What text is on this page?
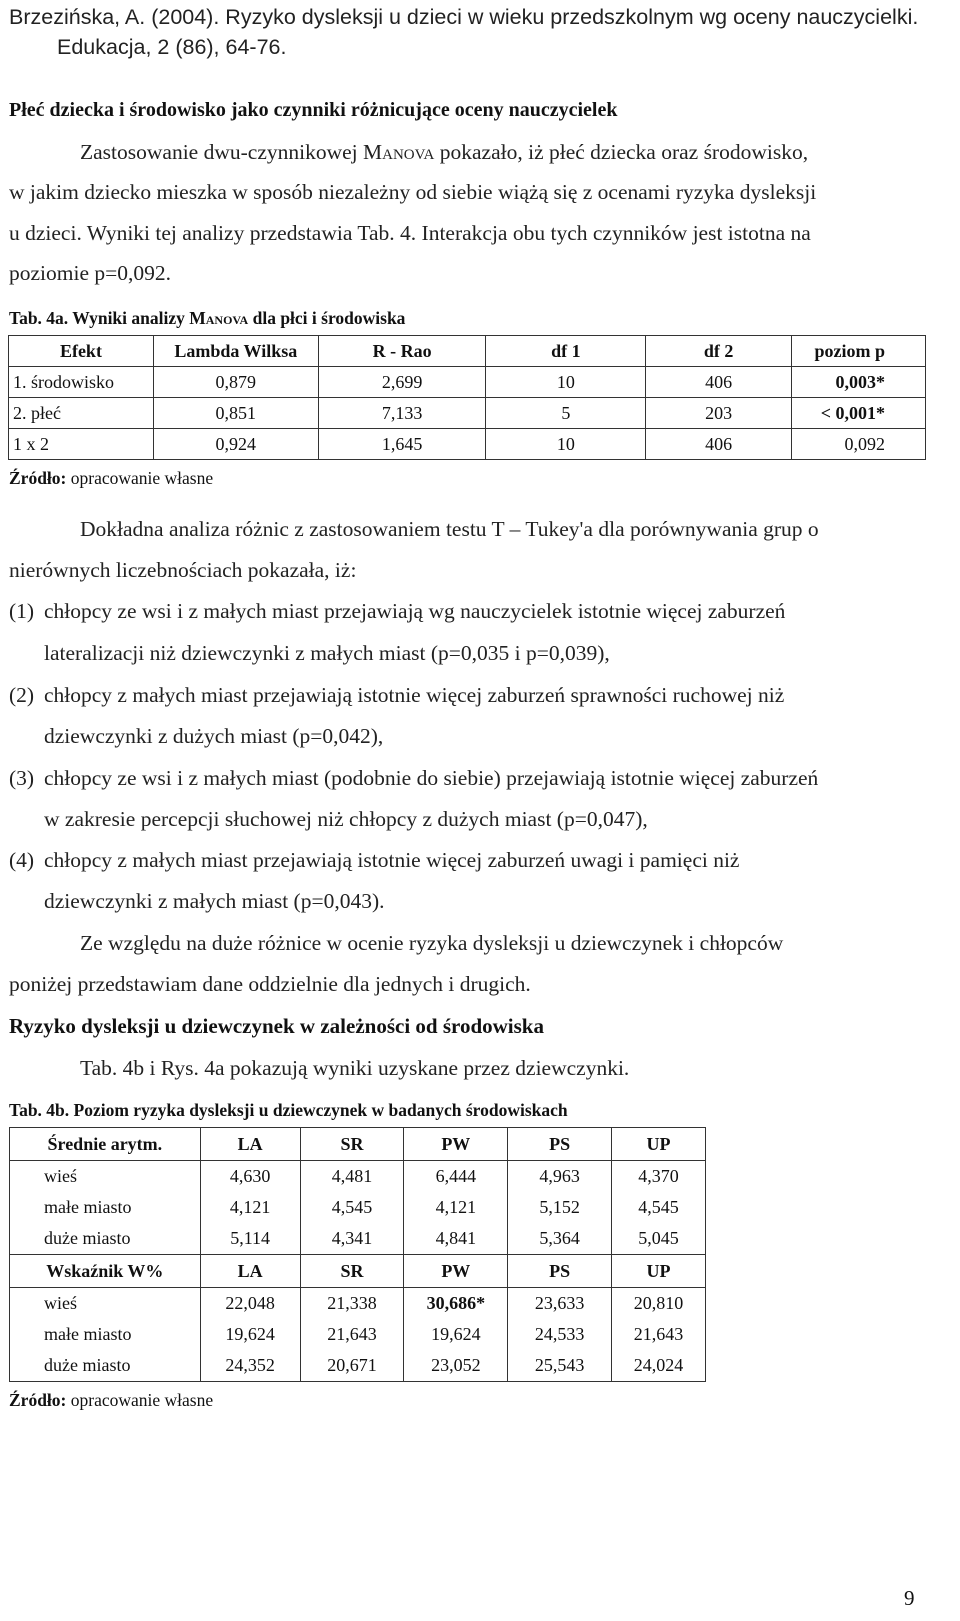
Brzezińska, A. (2004). Ryzyko dysleksji u dzieci w wieku przedszkolnym wg oceny nauczycielki.
Edukacja, 2 (86), 64-76.
Płeć dziecka i środowisko jako czynniki różnicujące oceny nauczycielek
Zastosowanie dwu-czynnikowej Manova pokazało, iż płeć dziecka oraz środowisko,
w jakim dziecko mieszka w sposób niezależny od siebie wiążą się z ocenami ryzyka dysleksji
u dzieci. Wyniki tej analizy przedstawia Tab. 4. Interakcja obu tych czynników jest istotna na
poziomie p=0,092.
Tab. 4a. Wyniki analizy Manova dla płci i środowiska
Efekt	Lambda Wilksa	R - Rao	df 1	df 2	poziom p
1. środowisko	0,879	2,699	10	406	0,003*
2. płeć	0,851	7,133	5	203	< 0,001*
1 x 2	0,924	1,645	10	406	0,092
Źródło: opracowanie własne
Dokładna analiza różnic z zastosowaniem testu T – Tukey'a dla porównywania grup o
nierównych liczebnościach pokazała, iż:
(1) chłopcy ze wsi i z małych miast przejawiają wg nauczycielek istotnie więcej zaburzeń
lateralizacji niż dziewczynki z małych miast (p=0,035 i p=0,039),
(2) chłopcy z małych miast przejawiają istotnie więcej zaburzeń sprawności ruchowej niż
dziewczynki z dużych miast (p=0,042),
(3) chłopcy ze wsi i z małych miast (podobnie do siebie) przejawiają istotnie więcej zaburzeń
w zakresie percepcji słuchowej niż chłopcy z dużych miast (p=0,047),
(4) chłopcy z małych miast przejawiają istotnie więcej zaburzeń uwagi i pamięci niż
dziewczynki z małych miast (p=0,043).
Ze względu na duże różnice w ocenie ryzyka dysleksji u dziewczynek i chłopców
poniżej przedstawiam dane oddzielnie dla jednych i drugich.
Ryzyko dysleksji u dziewczynek w zależności od środowiska
Tab. 4b i Rys. 4a pokazują wyniki uzyskane przez dziewczynki.
Tab. 4b. Poziom ryzyka dysleksji u dziewczynek w badanych środowiskach
Średnie arytm.	LA	SR	PW	PS	UP
wieś	4,630	4,481	6,444	4,963	4,370
małe miasto	4,121	4,545	4,121	5,152	4,545
duże miasto	5,114	4,341	4,841	5,364	5,045
Wskaźnik W%	LA	SR	PW	PS	UP
wieś	22,048	21,338	30,686*	23,633	20,810
małe miasto	19,624	21,643	19,624	24,533	21,643
duże miasto	24,352	20,671	23,052	25,543	24,024
Źródło: opracowanie własne
9
